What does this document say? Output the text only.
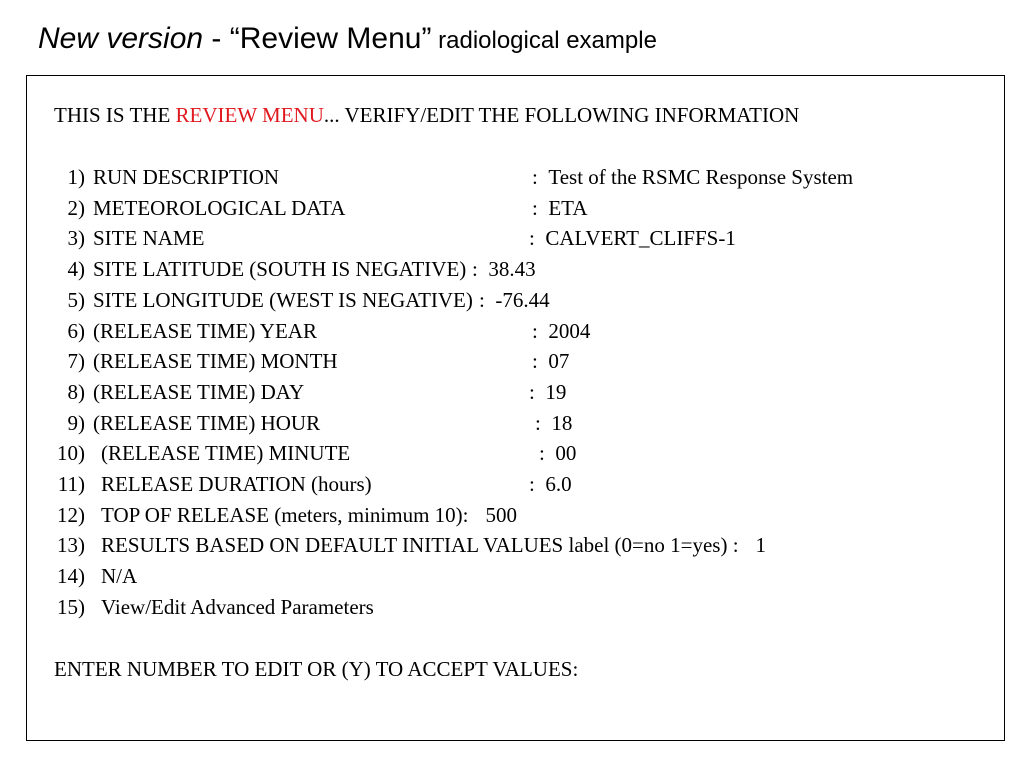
New version - “Review Menu” radiological example
THIS IS THE REVIEW MENU... VERIFY/EDIT THE FOLLOWING INFORMATION
1) RUN DESCRIPTION	: Test of the RSMC Response System
2) METEOROLOGICAL DATA	: ETA
3) SITE NAME	: CALVERT_CLIFFS-1
4) SITE LATITUDE (SOUTH IS NEGATIVE) : 38.43
5) SITE LONGITUDE (WEST IS NEGATIVE) : -76.44
6) (RELEASE TIME) YEAR	: 2004
7) (RELEASE TIME) MONTH	: 07
8) (RELEASE TIME) DAY	: 19
9) (RELEASE TIME) HOUR	: 18
10) (RELEASE TIME) MINUTE	: 00
11) RELEASE DURATION (hours)	: 6.0
12) TOP OF RELEASE (meters, minimum 10): 500
13) RESULTS BASED ON DEFAULT INITIAL VALUES label (0=no 1=yes) : 1
14) N/A

15) View/Edit Advanced Parameters

ENTER NUMBER TO EDIT OR (Y) TO ACCEPT VALUES:
